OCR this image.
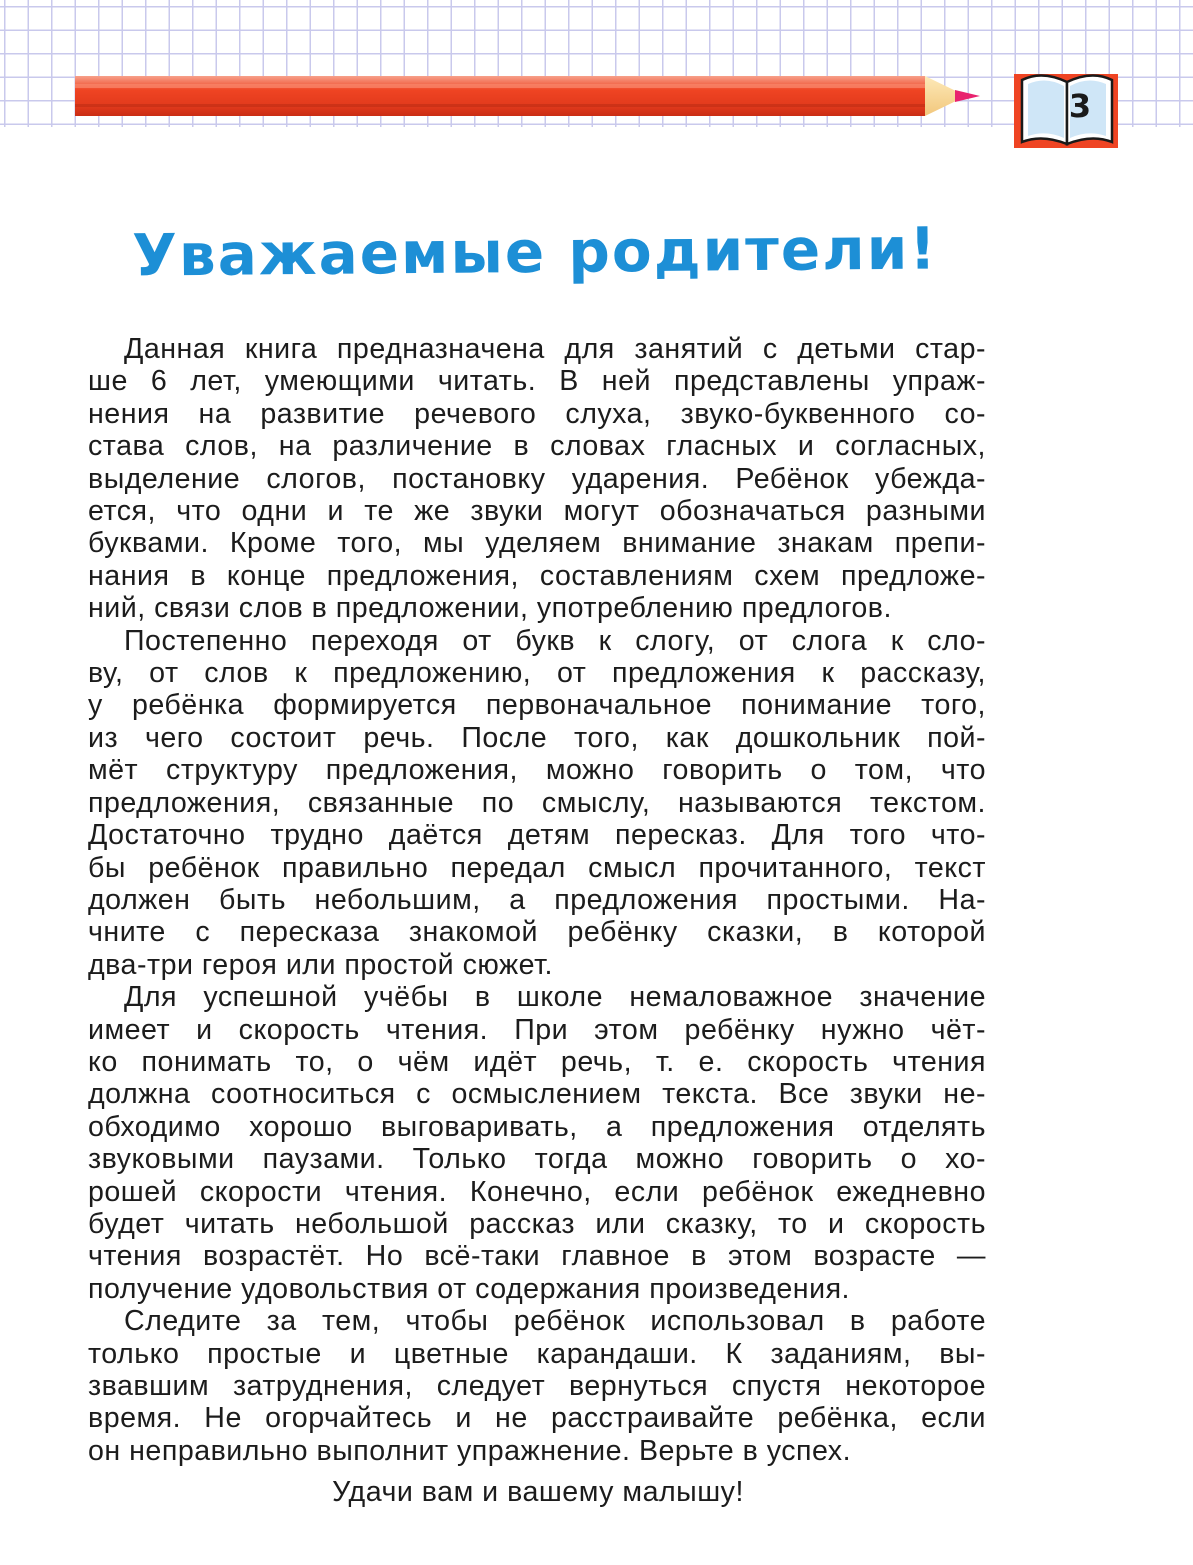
3
Уважаемые родители!
Данная книга предназначена для занятий с детьми стар-
ше 6 лет, умеющими читать. В ней представлены упраж-
нения на развитие речевого слуха, звуко-буквенного со-
става слов, на различение в словах гласных и согласных,
выделение слогов, постановку ударения. Ребёнок убежда-
ется, что одни и те же звуки могут обозначаться разными
буквами. Кроме того, мы уделяем внимание знакам препи-
нания в конце предложения, составлениям схем предложе-
ний, связи слов в предложении, употреблению предлогов.
Постепенно переходя от букв к слогу, от слога к сло-
ву, от слов к предложению, от предложения к рассказу,
у ребёнка формируется первоначальное понимание того,
из чего состоит речь. После того, как дошкольник пой-
мёт структуру предложения, можно говорить о том, что
предложения, связанные по смыслу, называются текстом.
Достаточно трудно даётся детям пересказ. Для того что-
бы ребёнок правильно передал смысл прочитанного, текст
должен быть небольшим, а предложения простыми. На-
чните с пересказа знакомой ребёнку сказки, в которой
два-три героя или простой сюжет.
Для успешной учёбы в школе немаловажное значение
имеет и скорость чтения. При этом ребёнку нужно чёт-
ко понимать то, о чём идёт речь, т. е. скорость чтения
должна соотноситься с осмыслением текста. Все звуки не-
обходимо хорошо выговаривать, а предложения отделять
звуковыми паузами. Только тогда можно говорить о хо-
рошей скорости чтения. Конечно, если ребёнок ежедневно
будет читать небольшой рассказ или сказку, то и скорость
чтения возрастёт. Но всё-таки главное в этом возрасте —
получение удовольствия от содержания произведения.
Следите за тем, чтобы ребёнок использовал в работе
только простые и цветные карандаши. К заданиям, вы-
звавшим затруднения, следует вернуться спустя некоторое
время. Не огорчайтесь и не расстраивайте ребёнка, если
он неправильно выполнит упражнение. Верьте в успех.
Удачи вам и вашему малышу!
